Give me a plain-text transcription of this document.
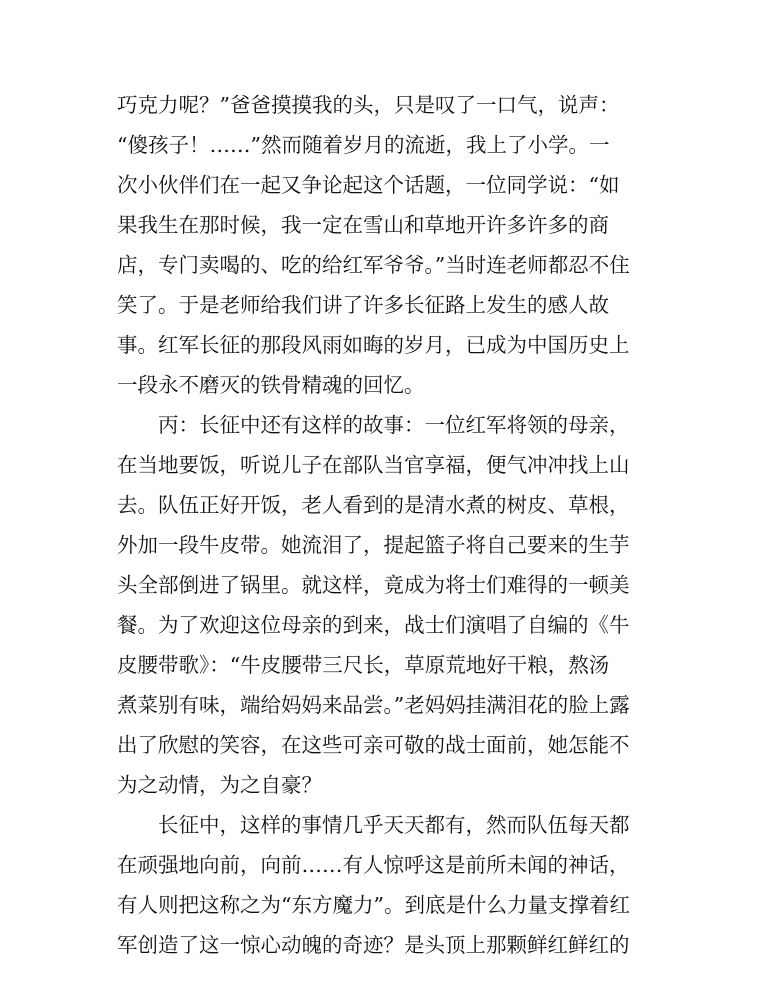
巧克力呢？”爸爸摸摸我的头，只是叹了一口气，说声：
“傻孩子！……”然而随着岁月的流逝，我上了小学。一
次小伙伴们在一起又争论起这个话题，一位同学说：“如
果我生在那时候，我一定在雪山和草地开许多许多的商
店，专门卖喝的、吃的给红军爷爷。”当时连老师都忍不住
笑了。于是老师给我们讲了许多长征路上发生的感人故
事。红军长征的那段风雨如晦的岁月，已成为中国历史上
一段永不磨灭的铁骨精魂的回忆。
丙：长征中还有这样的故事：一位红军将领的母亲，
在当地要饭，听说儿子在部队当官享福，便气冲冲找上山
去。队伍正好开饭，老人看到的是清水煮的树皮、草根，
外加一段牛皮带。她流泪了，提起篮子将自己要来的生芋
头全部倒进了锅里。就这样，竟成为将士们难得的一顿美
餐。为了欢迎这位母亲的到来，战士们演唱了自编的《牛
皮腰带歌》：“牛皮腰带三尺长，草原荒地好干粮，熬汤
煮菜别有味，端给妈妈来品尝。”老妈妈挂满泪花的脸上露
出了欣慰的笑容，在这些可亲可敬的战士面前，她怎能不
为之动情，为之自豪？
长征中，这样的事情几乎天天都有，然而队伍每天都
在顽强地向前，向前……有人惊呼这是前所未闻的神话，
有人则把这称之为“东方魔力”。到底是什么力量支撑着红
军创造了这一惊心动魄的奇迹？是头顶上那颗鲜红鲜红的
